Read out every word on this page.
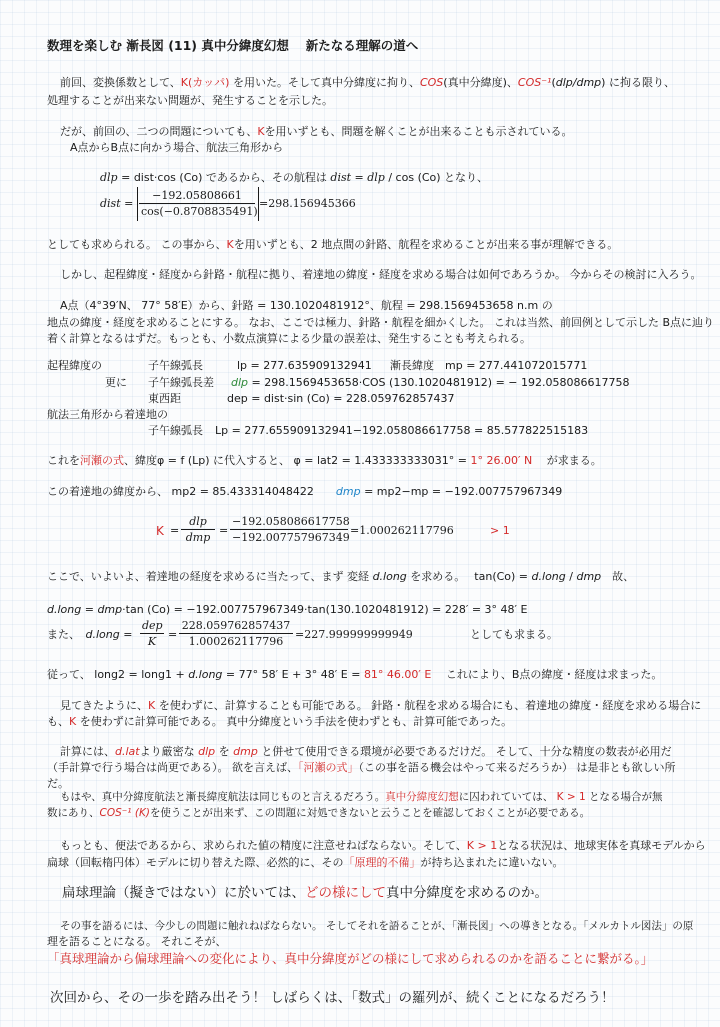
数理を楽しむ 漸長図 (11) 真中分緯度幻想　 新たなる理解の道へ
前回、変換係数として、K(カッパ) を用いた。そして真中分緯度に拘り、COS(真中分緯度)、COS⁻¹(dlp/dmp) に拘る限り、
処理することが出来ない問題が、発生することを示した。
だが、前回の、二つの問題についても、Kを用いずとも、問題を解くことが出来ることも示されている。
A点からB点に向かう場合、航法三角形から
dlp = dist·cos (Co) であるから、その航程は dist = dlp / cos (Co) となり、
dist =
−192.05808661
cos(−0.8708835491)
=298.156945366
としても求められる。 この事から、Kを用いずとも、2 地点間の針路、航程を求めることが出来る事が理解できる。
しかし、起程緯度・経度から針路・航程に拠り、着達地の緯度・経度を求める場合は如何であろうか。 今からその検討に入ろう。
A点（4°39′N、 77° 58′E）から、針路 = 130.1020481912°、航程 = 298.1569453658 n.m の
地点の緯度・経度を求めることにする。 なお、ここでは極力、針路・航程を細かくした。 これは当然、前回例として示した B点に辿り
着く計算となるはずだ。もっとも、小数点演算による少量の誤差は、発生することも考えられる。
起程緯度の	子午線弧長	lp = 277.635909132941 漸長緯度 mp = 277.441072015771
更に 子午線弧長差 dlp = 298.1569453658·COS (130.1020481912) = − 192.058086617758
東西距	dep = dist·sin (Co) = 228.059762857437
航法三角形から着達地の
子午線弧長 Lp = 277.655909132941−192.058086617758 = 85.577822515183
これを河瀬の式、緯度φ = f (Lp) に代入すると、 φ = lat2 = 1.433333333031° = 1° 26.00′ N　 が求まる。
この着達地の緯度から、 mp2 = 85.433314048422　　 dmp = mp2−mp = −192.007757967349
K =
dlp
dmp
=
−192.058086617758
−192.007757967349
=1.000262117796	> 1
ここで、いよいよ、着達地の経度を求めるに当たって、まず 変経 d.long を求める。　 tan(Co) = d.long / dmp　 故、
d.long = dmp·tan (Co) = −192.007757967349·tan(130.1020481912) = 228′ = 3° 48′ E
また、　 d.long =
dep
K
=
228.059762857437
1.000262117796
=227.999999999949	としても求まる。
従って、 long2 = long1 + d.long = 77° 58′ E + 3° 48′ E = 81° 46.00′ E　 これにより、B点の緯度・経度は求まった。
見てきたように、K を使わずに、計算することも可能である。 針路・航程を求める場合にも、着達地の緯度・経度を求める場合に
も、K を使わずに計算可能である。 真中分緯度という手法を使わずとも、計算可能であった。
計算には、d.latより厳密な dlp を dmp と併せて使用できる環境が必要であるだけだ。 そして、十分な精度の数表が必用だ
（手計算で行う場合は尚更である）。 欲を言えば、「河瀬の式」（この事を語る機会はやって来るだろうか） は是非とも欲しい所
だ。
もはや、真中分緯度航法と漸長緯度航法は同じものと言えるだろう。真中分緯度幻想に囚われていては、 K > 1 となる場合が無
数にあり、COS⁻¹ (K)を使うことが出来ず、この問題に対処できないと云うことを確認しておくことが必要である。
もっとも、便法であるから、求められた値の精度に注意せねばならない。そして、K > 1となる状況は、地球実体を真球モデルから
扁球（回転楕円体）モデルに切り替えた際、必然的に、その「原理的不備」が持ち込まれたに違いない。
扁球理論（擬きではない）に於いては、どの様にして真中分緯度を求めるのか。
その事を語るには、今少しの問題に触れねばならない。 そしてそれを語ることが、「漸長図」への導きとなる。「メルカトル図法」の原
理を語ることになる。 それこそが、
「真球理論から偏球理論への変化により、真中分緯度がどの様にして求められるのかを語ることに繋がる。」
次回から、その一歩を踏み出そう！ しばらくは、「数式」の羅列が、続くことになるだろう！
